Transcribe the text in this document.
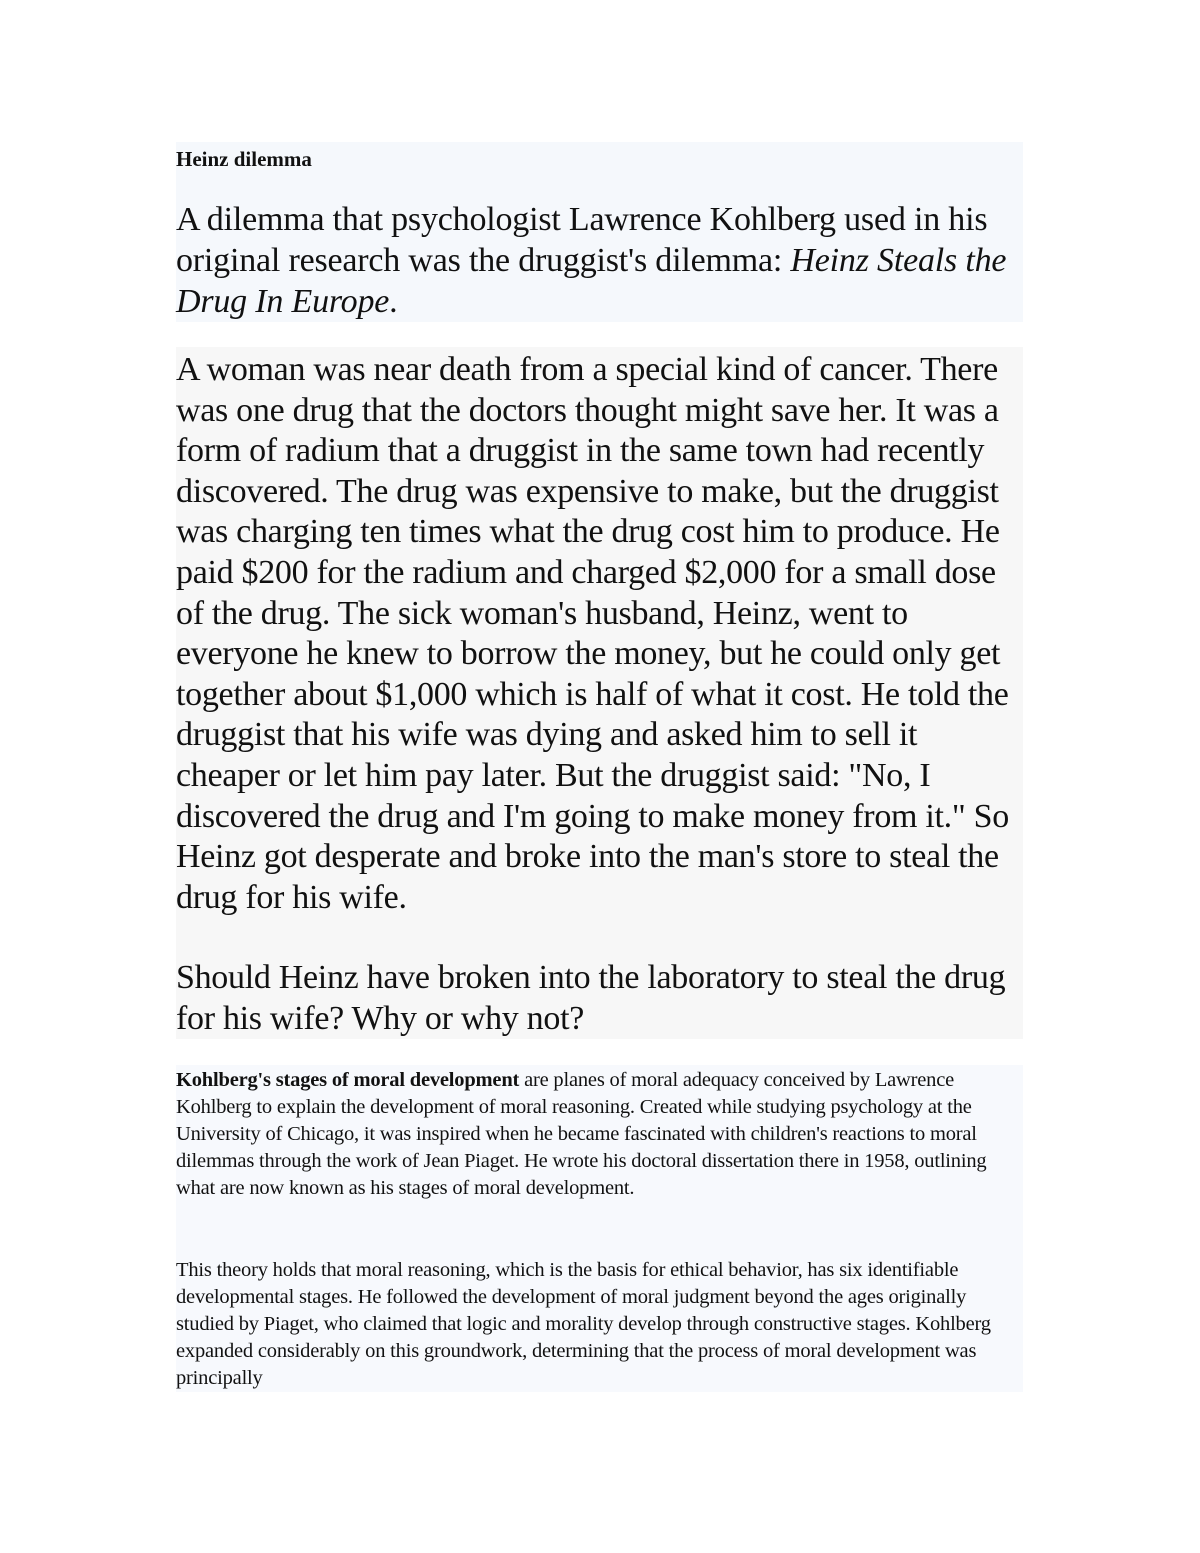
Heinz dilemma

A dilemma that psychologist Lawrence Kohlberg used in his original research was the druggist's dilemma: Heinz Steals the Drug In Europe.

A woman was near death from a special kind of cancer. There was one drug that the doctors thought might save her. It was a form of radium that a druggist in the same town had recently discovered. The drug was expensive to make, but the druggist was charging ten times what the drug cost him to produce. He paid $200 for the radium and charged $2,000 for a small dose of the drug. The sick woman's husband, Heinz, went to everyone he knew to borrow the money, but he could only get together about $1,000 which is half of what it cost. He told the druggist that his wife was dying and asked him to sell it cheaper or let him pay later. But the druggist said: "No, I discovered the drug and I'm going to make money from it." So Heinz got desperate and broke into the man's store to steal the drug for his wife.

Should Heinz have broken into the laboratory to steal the drug for his wife? Why or why not?

Kohlberg's stages of moral development are planes of moral adequacy conceived by Lawrence Kohlberg to explain the development of moral reasoning. Created while studying psychology at the University of Chicago, it was inspired when he became fascinated with children's reactions to moral dilemmas through the work of Jean Piaget. He wrote his doctoral dissertation there in 1958, outlining what are now known as his stages of moral development.

This theory holds that moral reasoning, which is the basis for ethical behavior, has six identifiable developmental stages. He followed the development of moral judgment beyond the ages originally studied by Piaget, who claimed that logic and morality develop through constructive stages. Kohlberg expanded considerably on this groundwork, determining that the process of moral development was principally
